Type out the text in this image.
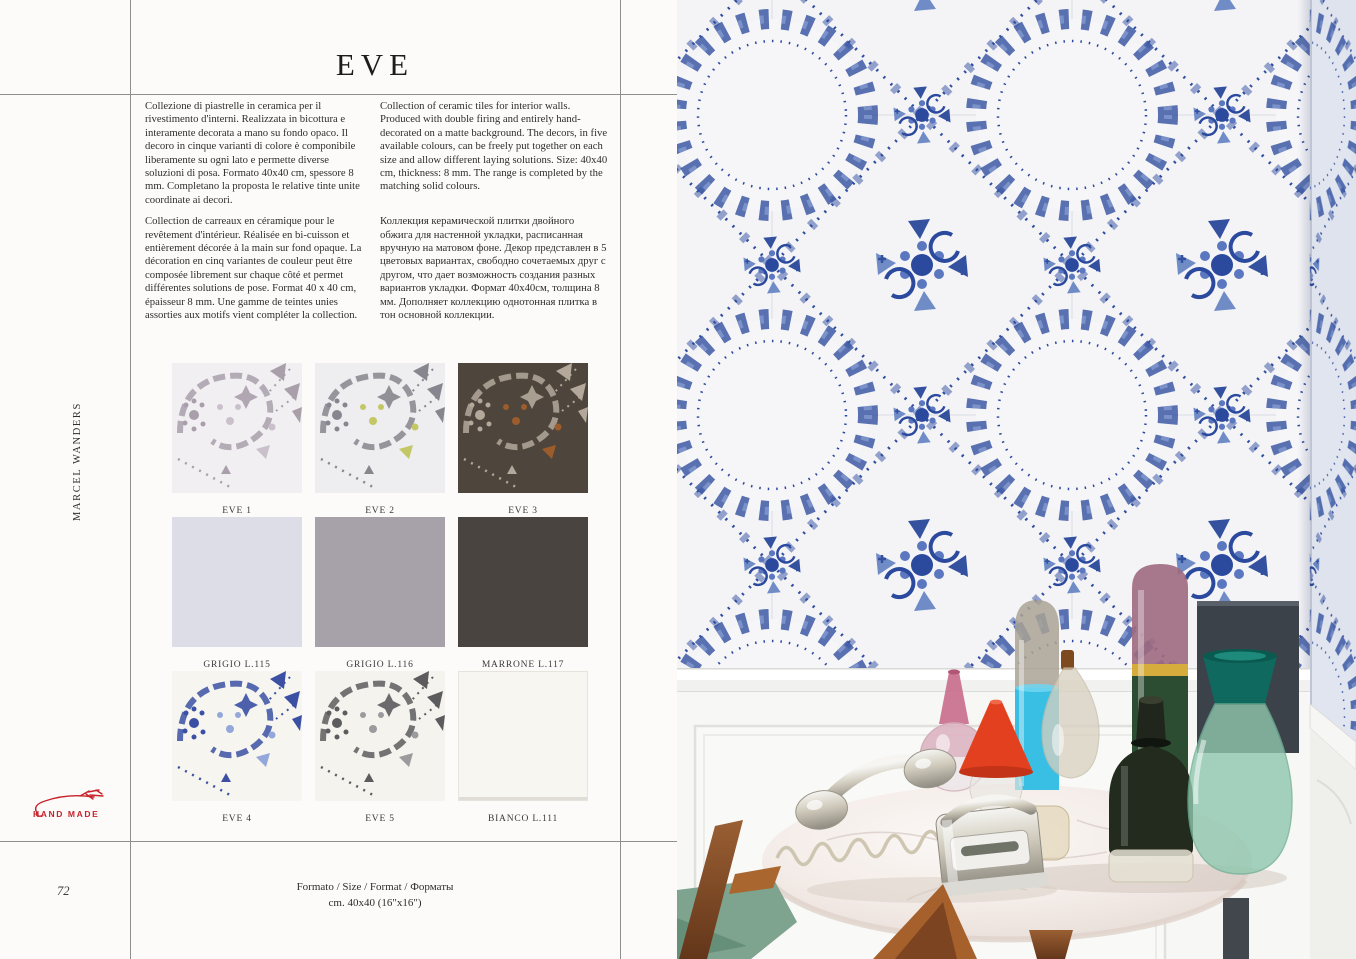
MARCEL WANDERS
HAND MADE
72
EVE

Collezione di piastrelle in ceramica per il rivestimento d'interni. Realizzata in bicottura e interamente decorata a mano su fondo opaco. Il decoro in cinque varianti di colore è componibile liberamente su ogni lato e permette diverse soluzioni di posa. Formato 40x40 cm, spessore 8 mm. Completano la proposta le relative tinte unite coordinate ai decori.

Collection of ceramic tiles for interior walls. Produced with double firing and entirely hand-decorated on a matte background. The decors, in five available colours, can be freely put together on each size and allow different laying solutions. Size: 40x40 cm, thickness: 8 mm. The range is completed by the matching solid colours.

Collection de carreaux en céramique pour le revêtement d'intérieur. Réalisée en bi-cuisson et entièrement décorée à la main sur fond opaque. La décoration en cinq variantes de couleur peut être composée librement sur chaque côté et permet différentes solutions de pose. Format 40 x 40 cm, épaisseur 8 mm. Une gamme de teintes unies assorties aux motifs vient compléter la collection.

Коллекция керамической плитки двойного обжига для настенной укладки, расписанная вручную на матовом фоне. Декор представлен в 5 цветовых вариантах, свободно сочетаемых друг с другом, что дает возможность создания разных вариантов укладки. Формат 40х40см, толщина 8 мм. Дополняет коллекцию однотонная плитка в тон основной коллекции.

EVE 1	EVE 2	EVE 3
GRIGIO L.115	GRIGIO L.116	MARRONE L.117
EVE 4	EVE 5	BIANCO L.111
Formato / Size / Format / Форматы
cm. 40x40 (16"x16")
